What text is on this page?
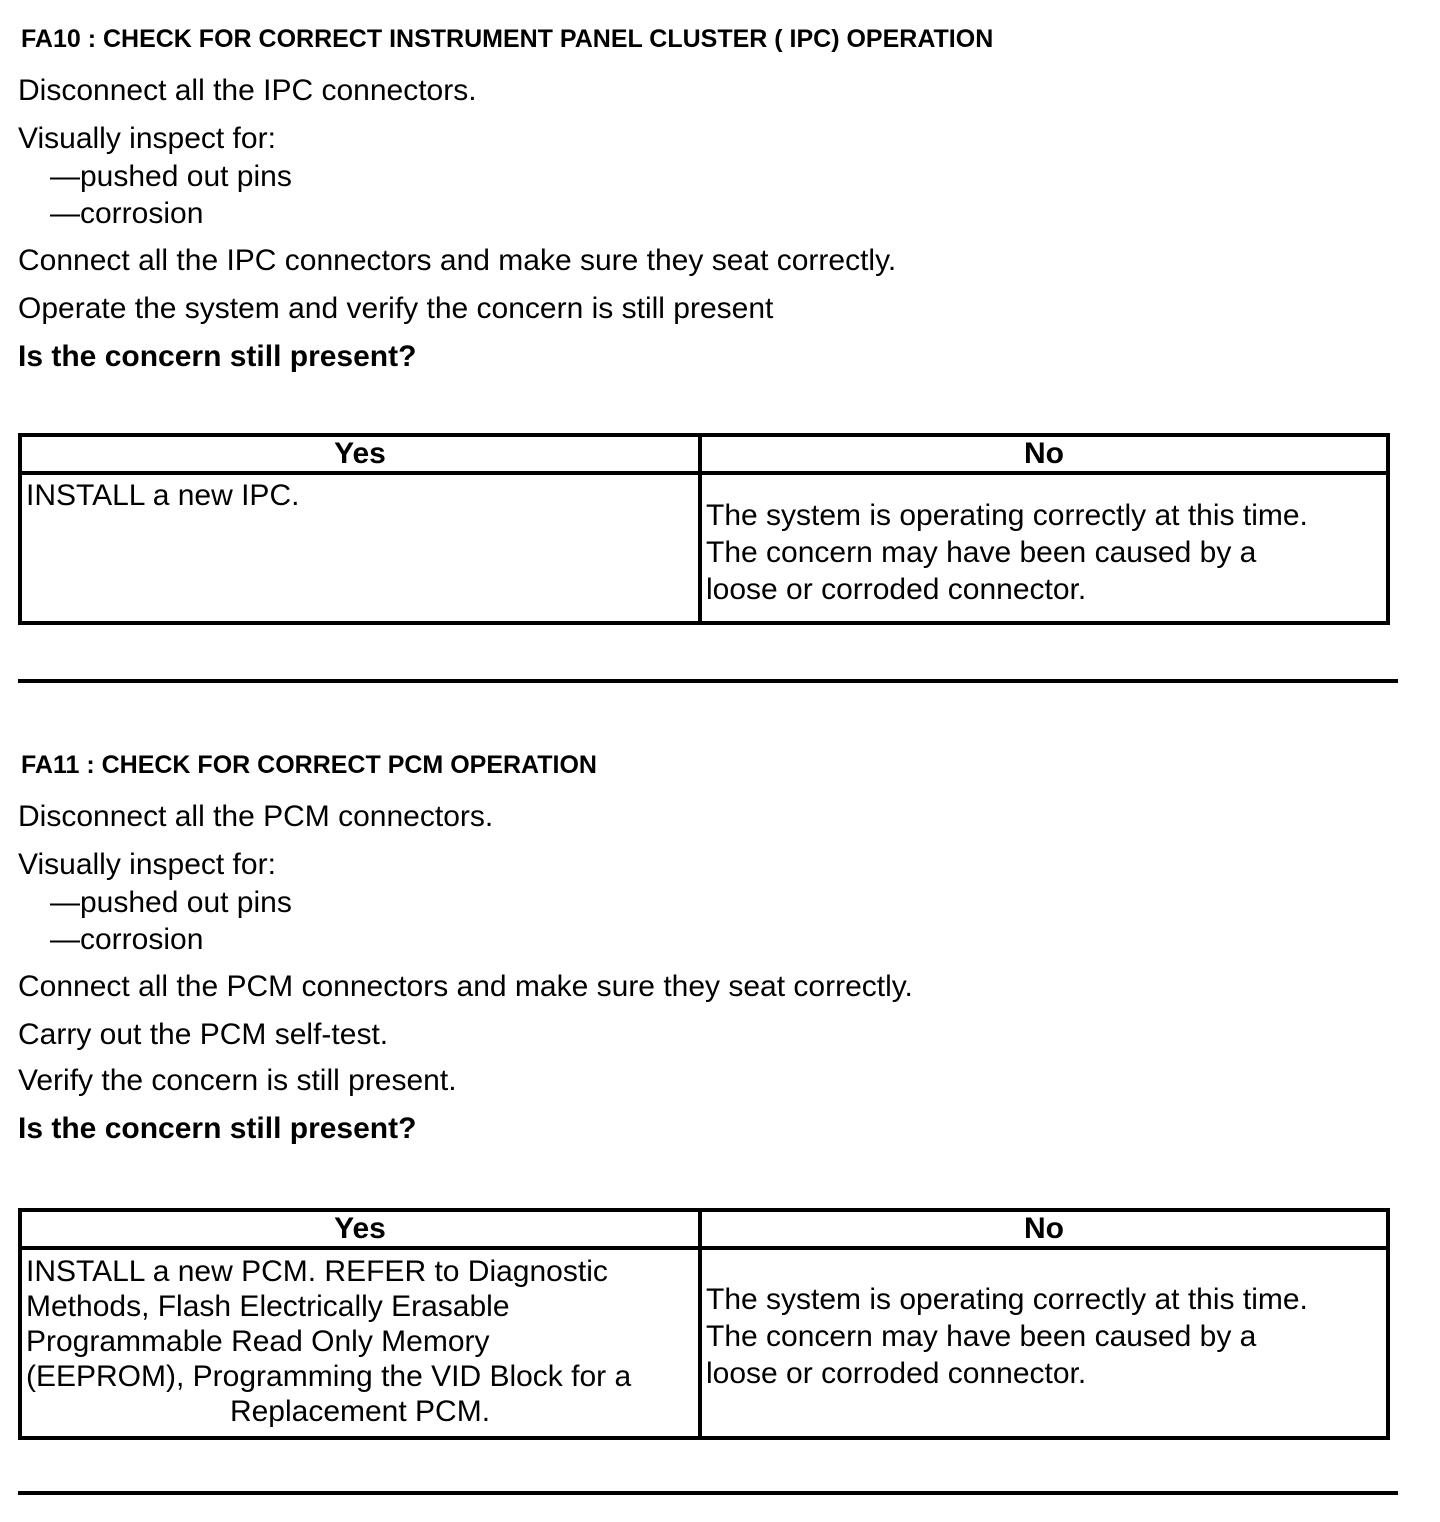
FA10 : CHECK FOR CORRECT INSTRUMENT PANEL CLUSTER ( IPC) OPERATION

Disconnect all the IPC connectors.

Visually inspect for:

—pushed out pins

—corrosion

Connect all the IPC connectors and make sure they seat correctly.

Operate the system and verify the concern is still present

Is the concern still present?

Yes	No
INSTALL a new IPC.	The system is operating correctly at this time.
The concern may have been caused by a
loose or corroded connector.

FA11 : CHECK FOR CORRECT PCM OPERATION

Disconnect all the PCM connectors.

Visually inspect for:

—pushed out pins

—corrosion

Connect all the PCM connectors and make sure they seat correctly.

Carry out the PCM self-test.

Verify the concern is still present.

Is the concern still present?

Yes	No

INSTALL a new PCM. REFER to Diagnostic
Methods, Flash Electrically Erasable
Programmable Read Only Memory
(EEPROM), Programming the VID Block for a
Replacement PCM.	The system is operating correctly at this time.
The concern may have been caused by a
loose or corroded connector.
